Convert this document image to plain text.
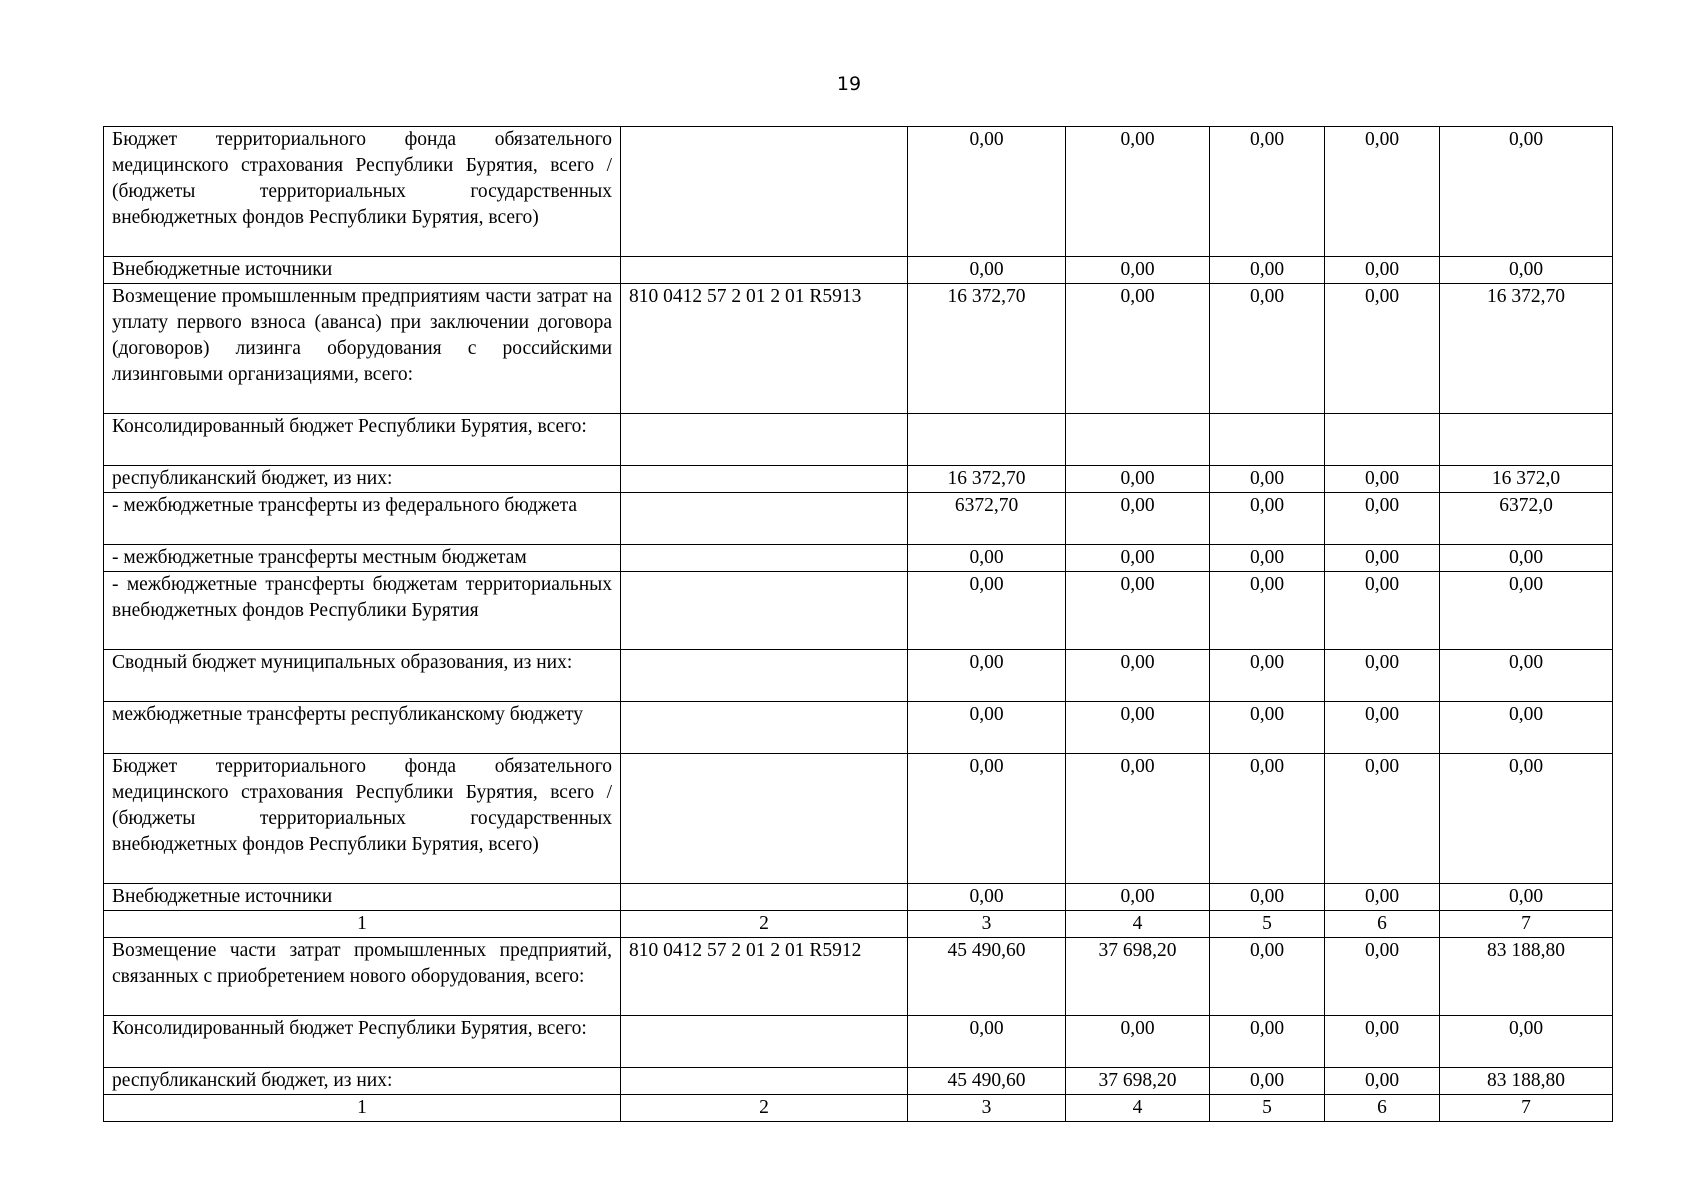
19
Бюджет территориального фонда обязательного медицинского страхования Республики Бурятия, всего / (бюджеты территориальных государственных внебюджетных фондов Республики Бурятия, всего)		0,00	0,00	0,00	0,00	0,00
Внебюджетные источники		0,00	0,00	0,00	0,00	0,00
Возмещение промышленным предприятиям части затрат на уплату первого взноса (аванса) при заключении договора (договоров) лизинга оборудования с российскими лизинговыми организациями, всего:	810 0412 57 2 01 2 01 R5913	16 372,70	0,00	0,00	0,00	16 372,70
Консолидированный бюджет Республики Бурятия, всего:						
республиканский бюджет, из них:		16 372,70	0,00	0,00	0,00	16 372,0
- межбюджетные трансферты из федерального бюджета		6372,70	0,00	0,00	0,00	6372,0
- межбюджетные трансферты местным бюджетам		0,00	0,00	0,00	0,00	0,00
- межбюджетные трансферты бюджетам территориальных внебюджетных фондов Республики Бурятия		0,00	0,00	0,00	0,00	0,00
Сводный бюджет муниципальных образования, из них:		0,00	0,00	0,00	0,00	0,00
межбюджетные трансферты республиканскому бюджету		0,00	0,00	0,00	0,00	0,00
Бюджет территориального фонда обязательного медицинского страхования Республики Бурятия, всего / (бюджеты территориальных государственных внебюджетных фондов Республики Бурятия, всего)		0,00	0,00	0,00	0,00	0,00
Внебюджетные источники		0,00	0,00	0,00	0,00	0,00
1	2	3	4	5	6	7
Возмещение части затрат промышленных предприятий, связанных с приобретением нового оборудования, всего:	810 0412 57 2 01 2 01 R5912	45 490,60	37 698,20	0,00	0,00	83 188,80
Консолидированный бюджет Республики Бурятия, всего:		0,00	0,00	0,00	0,00	0,00
республиканский бюджет, из них:		45 490,60	37 698,20	0,00	0,00	83 188,80
1	2	3	4	5	6	7
